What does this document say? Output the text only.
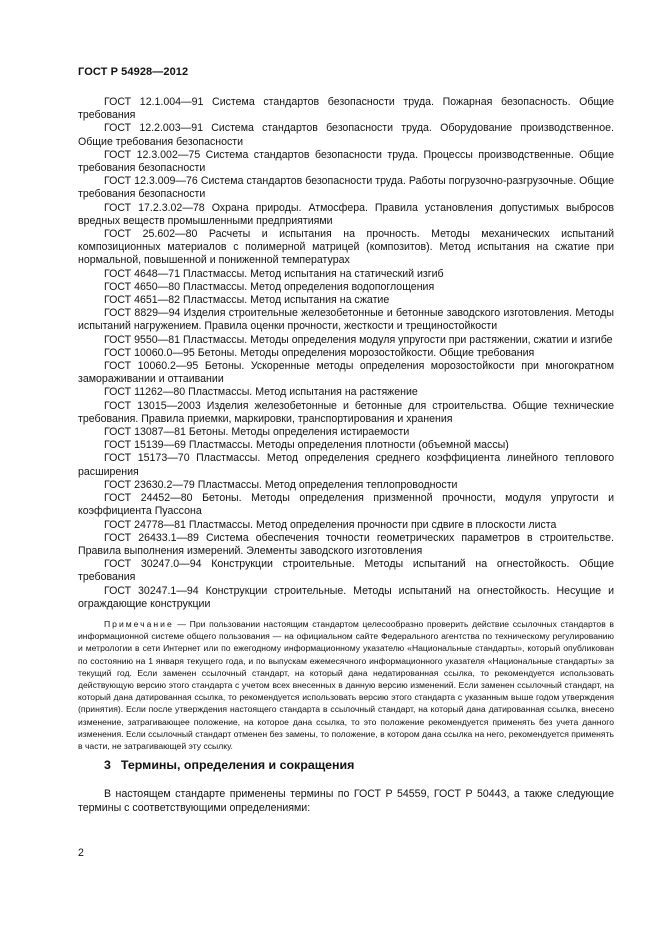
ГОСТ Р 54928—2012

ГОСТ 12.1.004—91 Система стандартов безопасности труда. Пожарная безопасность. Общие требования

ГОСТ 12.2.003—91 Система стандартов безопасности труда. Оборудование производственное. Общие требования безопасности

ГОСТ 12.3.002—75 Система стандартов безопасности труда. Процессы производственные. Общие требования безопасности

ГОСТ 12.3.009—76 Система стандартов безопасности труда. Работы погрузочно-разгрузочные. Общие требования безопасности

ГОСТ 17.2.3.02—78 Охрана природы. Атмосфера. Правила установления допустимых выбросов вредных веществ промышленными предприятиями

ГОСТ 25.602—80 Расчеты и испытания на прочность. Методы механических испытаний композиционных материалов с полимерной матрицей (композитов). Метод испытания на сжатие при нормальной, повышенной и пониженной температурах

ГОСТ 4648—71 Пластмассы. Метод испытания на статический изгиб

ГОСТ 4650—80 Пластмассы. Метод определения водопоглощения

ГОСТ 4651—82 Пластмассы. Метод испытания на сжатие

ГОСТ 8829—94 Изделия строительные железобетонные и бетонные заводского изготовления. Методы испытаний нагружением. Правила оценки прочности, жесткости и трещиностойкости

ГОСТ 9550—81 Пластмассы. Методы определения модуля упругости при растяжении, сжатии и изгибе

ГОСТ 10060.0—95 Бетоны. Методы определения морозостойкости. Общие требования

ГОСТ 10060.2—95 Бетоны. Ускоренные методы определения морозостойкости при многократном замораживании и оттаивании

ГОСТ 11262—80 Пластмассы. Метод испытания на растяжение

ГОСТ 13015—2003 Изделия железобетонные и бетонные для строительства. Общие технические требования. Правила приемки, маркировки, транспортирования и хранения

ГОСТ 13087—81 Бетоны. Методы определения истираемости

ГОСТ 15139—69 Пластмассы. Методы определения плотности (объемной массы)

ГОСТ 15173—70 Пластмассы. Метод определения среднего коэффициента линейного теплового расширения

ГОСТ 23630.2—79 Пластмассы. Метод определения теплопроводности

ГОСТ 24452—80 Бетоны. Методы определения призменной прочности, модуля упругости и коэффициента Пуассона

ГОСТ 24778—81 Пластмассы. Метод определения прочности при сдвиге в плоскости листа

ГОСТ 26433.1—89 Система обеспечения точности геометрических параметров в строительстве. Правила выполнения измерений. Элементы заводского изготовления

ГОСТ 30247.0—94 Конструкции строительные. Методы испытаний на огнестойкость. Общие требования

ГОСТ 30247.1—94 Конструкции строительные. Методы испытаний на огнестойкость. Несущие и ограждающие конструкции

Примечание — При пользовании настоящим стандартом целесообразно проверить действие ссылочных стандартов в информационной системе общего пользования — на официальном сайте Федерального агентства по техническому регулированию и метрологии в сети Интернет или по ежегодному информационному указателю «Национальные стандарты», который опубликован по состоянию на 1 января текущего года, и по выпускам ежемесячного информационного указателя «Национальные стандарты» за текущий год. Если заменен ссылочный стандарт, на который дана недатированная ссылка, то рекомендуется использовать действующую версию этого стандарта с учетом всех внесенных в данную версию изменений. Если заменен ссылочный стандарт, на который дана датированная ссылка, то рекомендуется использовать версию этого стандарта с указанным выше годом утверждения (принятия). Если после утверждения настоящего стандарта в ссылочный стандарт, на который дана датированная ссылка, внесено изменение, затрагивающее положение, на которое дана ссылка, то это положение рекомендуется применять без учета данного изменения. Если ссылочный стандарт отменен без замены, то положение, в котором дана ссылка на него, рекомендуется применять в части, не затрагивающей эту ссылку.

3 Термины, определения и сокращения

В настоящем стандарте применены термины по ГОСТ Р 54559, ГОСТ Р 50443, а также следующие термины с соответствующими определениями:

2
